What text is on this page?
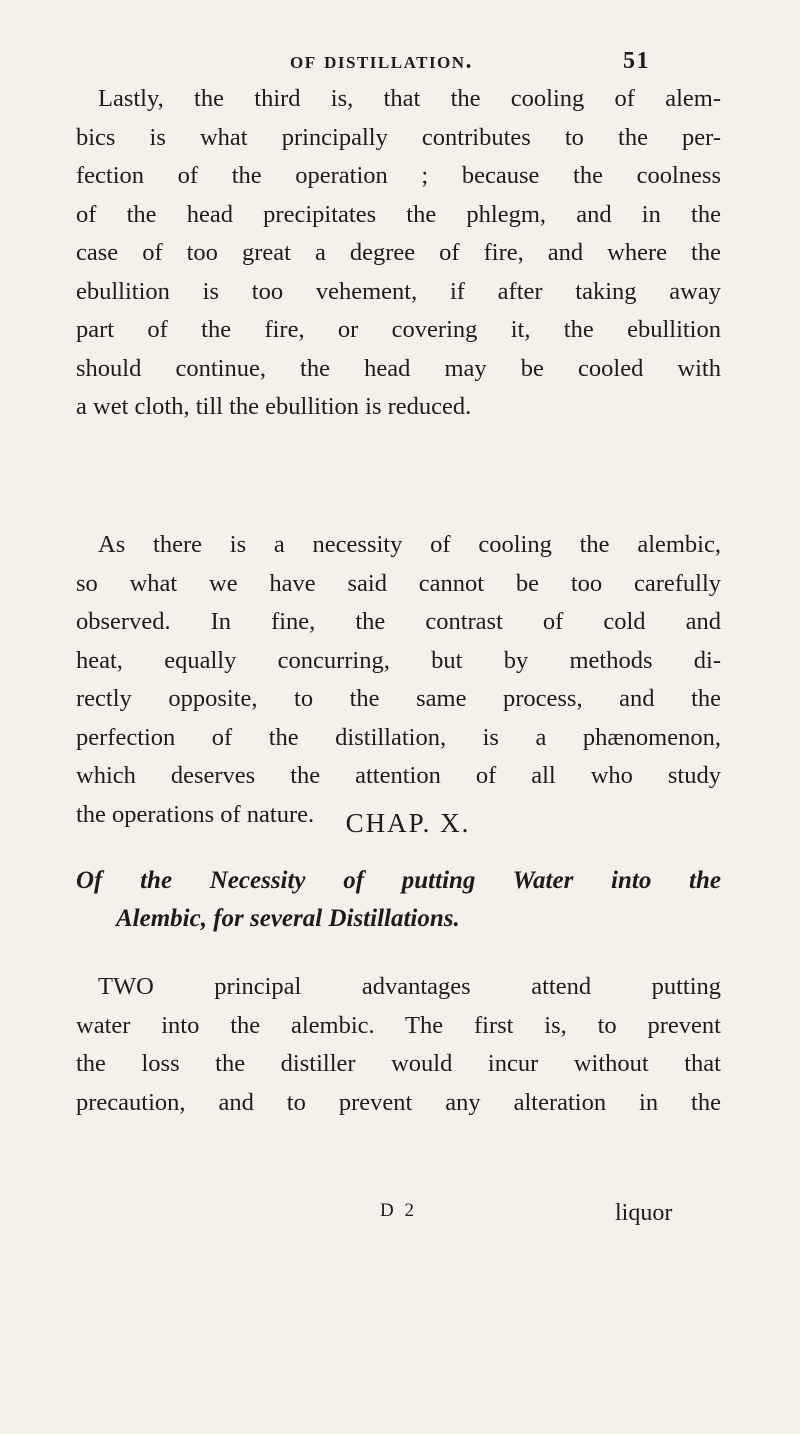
of distillation.	51
Lastly, the third is, that the cooling of alem-
bics is what principally contributes to the per-
fection of the operation ; because the coolness
of the head precipitates the phlegm, and in the
case of too great a degree of fire, and where the
ebullition is too vehement, if after taking away
part of the fire, or covering it, the ebullition
should continue, the head may be cooled with
a wet cloth, till the ebullition is reduced.
As there is a necessity of cooling the alembic,
so what we have said cannot be too carefully
observed. In fine, the contrast of cold and
heat, equally concurring, but by methods di-
rectly opposite, to the same process, and the
perfection of the distillation, is a phænomenon,
which deserves the attention of all who study
the operations of nature.	CHAP. X.
Of the Necessity of putting Water into the
Alembic, for several Distillations.
TWO principal advantages attend putting
water into the alembic. The first is, to prevent
the loss the distiller would incur without that
precaution, and to prevent any alteration in the
D 2	liquor
